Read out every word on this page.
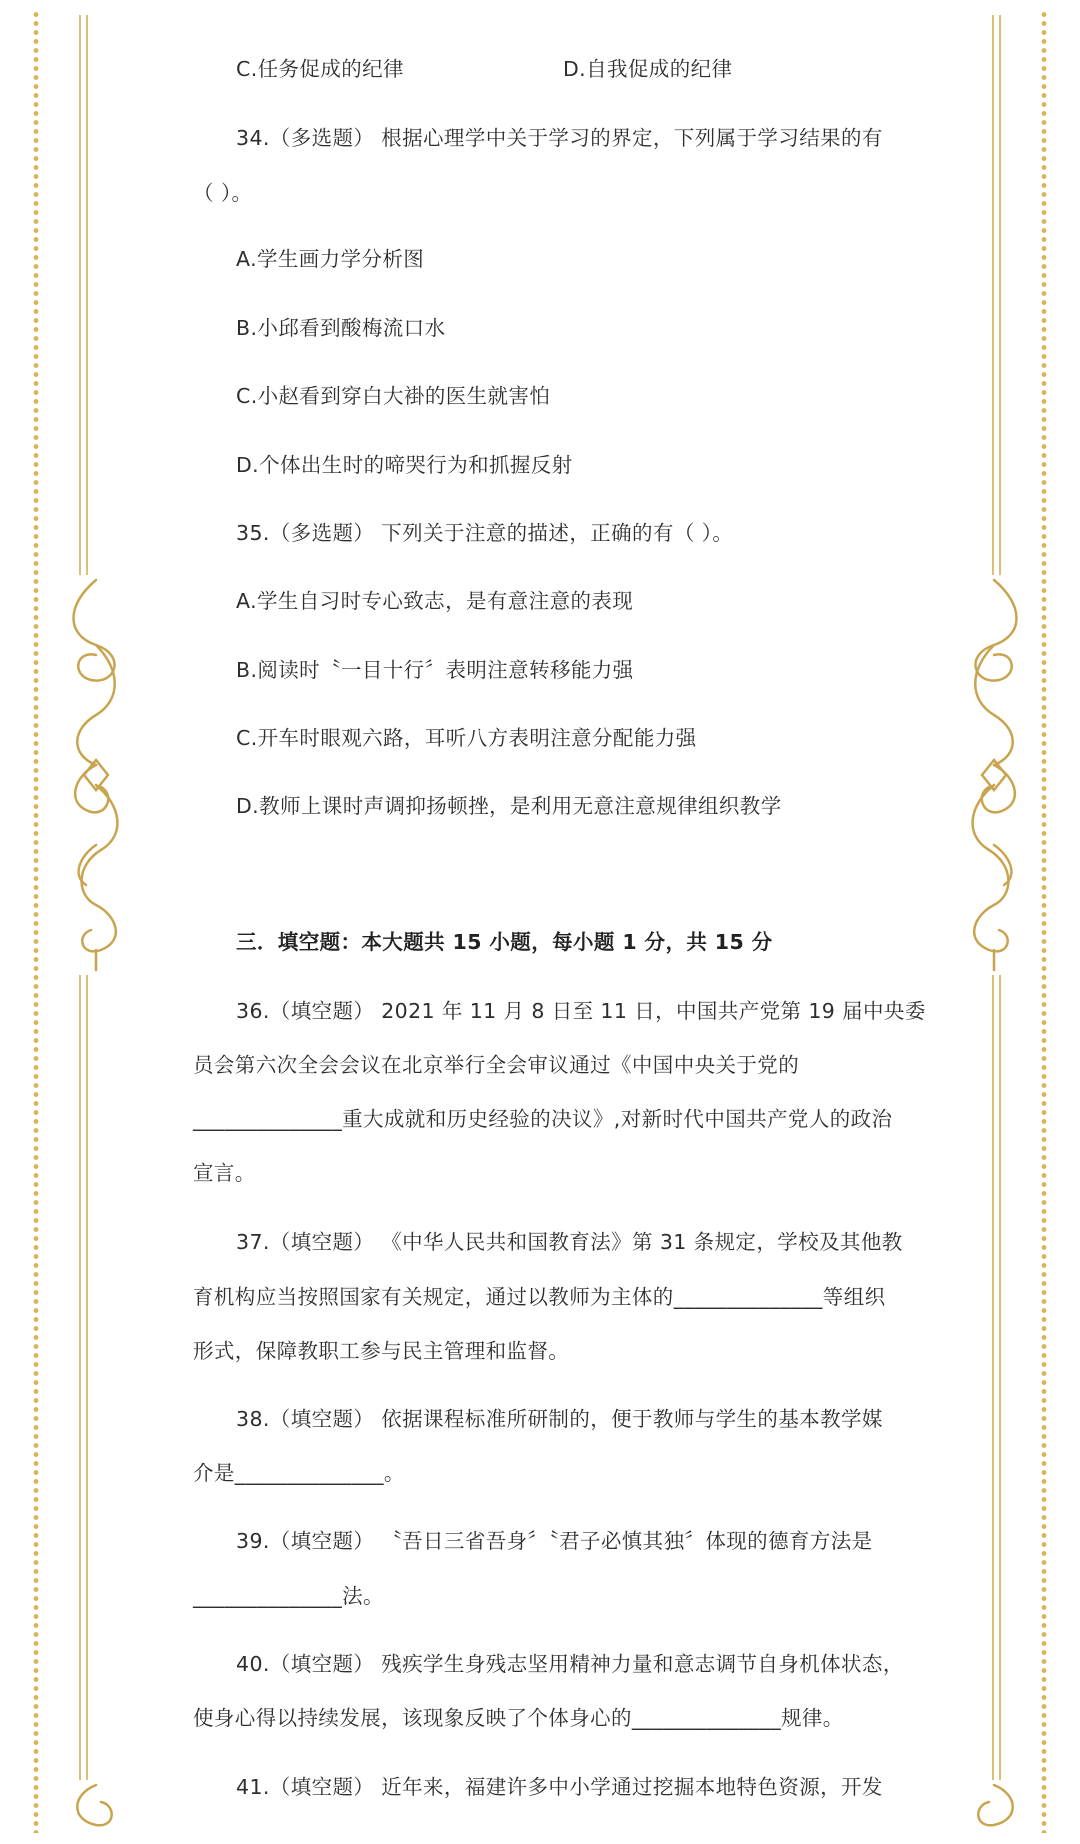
C.任务促成的纪律	D.自我促成的纪律
34.（多选题） 根据心理学中关于学习的界定，下列属于学习结果的有
（ ）。
A.学生画力学分析图
B.小邱看到酸梅流口水
C.小赵看到穿白大褂的医生就害怕
D.个体出生时的啼哭行为和抓握反射
35.（多选题） 下列关于注意的描述，正确的有（ ）。
A.学生自习时专心致志，是有意注意的表现
B.阅读时〝一目十行〞表明注意转移能力强
C.开车时眼观六路，耳听八方表明注意分配能力强
D.教师上课时声调抑扬顿挫，是利用无意注意规律组织教学
三．填空题：本大题共 15 小题，每小题 1 分，共 15 分
36.（填空题） 2021 年 11 月 8 日至 11 日，中国共产党第 19 届中央委
员会第六次全会会议在北京举行全会审议通过《中国中央关于党的
______________重大成就和历史经验的决议》,对新时代中国共产党人的政治
宣言。
37.（填空题） 《中华人民共和国教育法》第 31 条规定，学校及其他教
育机构应当按照国家有关规定，通过以教师为主体的______________等组织
形式，保障教职工参与民主管理和监督。
38.（填空题） 依据课程标准所研制的，便于教师与学生的基本教学媒
介是______________。
39.（填空题） 〝吾日三省吾身〞〝君子必慎其独〞体现的德育方法是
______________法。
40.（填空题） 残疾学生身残志坚用精神力量和意志调节自身机体状态，
使身心得以持续发展，该现象反映了个体身心的______________规律。
41.（填空题） 近年来，福建许多中小学通过挖掘本地特色资源，开发
